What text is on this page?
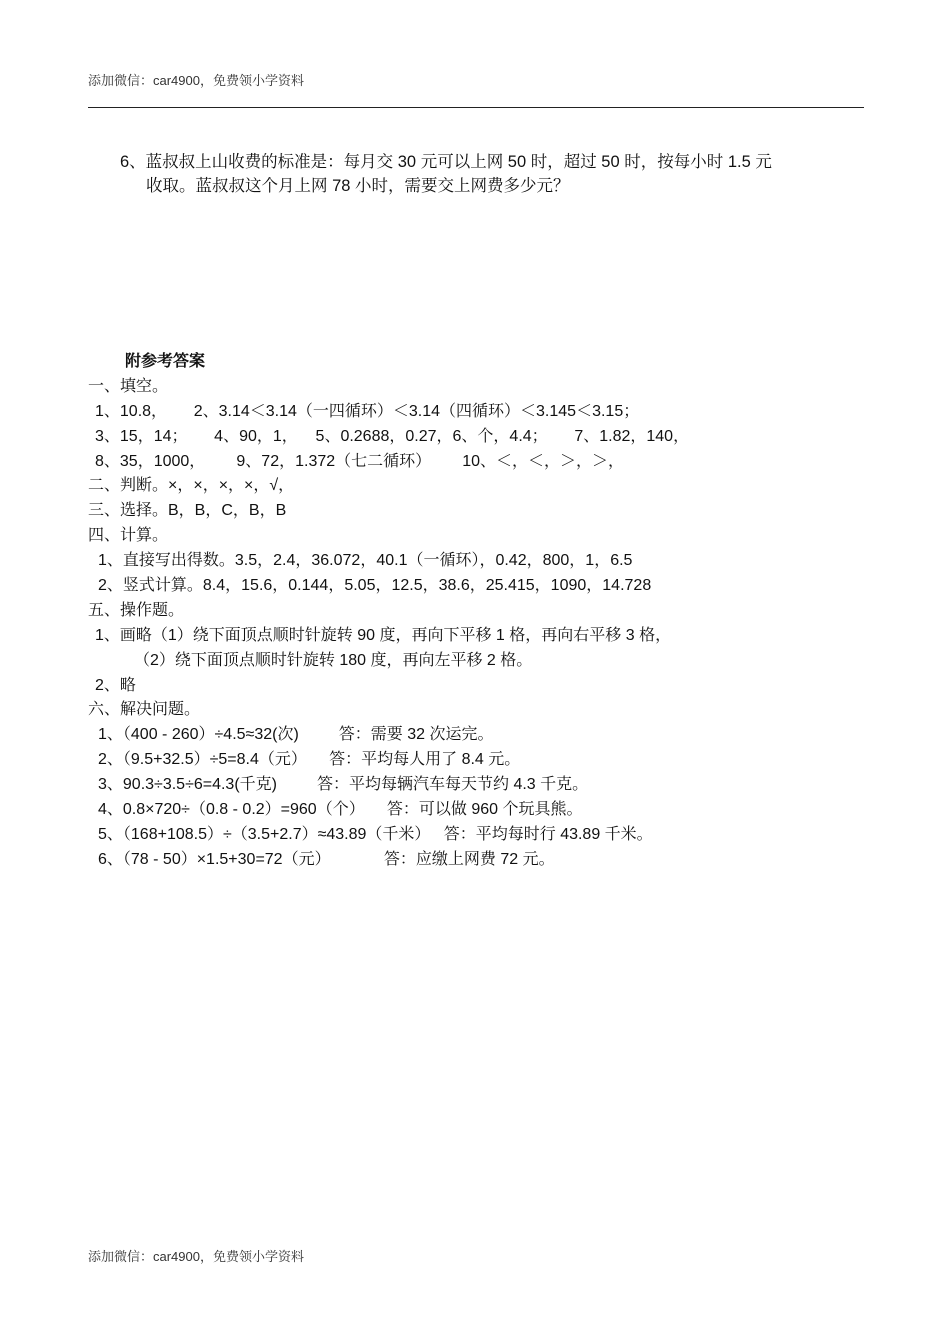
添加微信：car4900，免费领小学资料
6、蓝叔叔上山收费的标准是：每月交 30 元可以上网 50 时，超过 50 时，按每小时 1.5 元
收取。蓝叔叔这个月上网 78 小时，需要交上网费多少元？
附参考答案
一、填空。
1、10.8，      2、3.14＜3.14（一四循环）＜3.14（四循环）＜3.145＜3.15；
3、15，14；      4、90，1，    5、0.2688，0.27，6、个，4.4；      7、1.82，140，
8、35，1000，       9、72，1.372（七二循环）       10、＜，＜，＞，＞，
二、判断。×，×，×，×，√，
三、选择。B，B，C，B，B
四、计算。
1、直接写出得数。3.5，2.4，36.072，40.1（一循环），0.42，800，1，6.5
2、竖式计算。8.4，15.6，0.144，5.05，12.5，38.6，25.415，1090，14.728
五、操作题。
1、画略（1）绕下面顶点顺时针旋转 90 度，再向下平移 1 格，再向右平移 3 格，
（2）绕下面顶点顺时针旋转 180 度，再向左平移 2 格。
2、略
六、解决问题。
1、（400 - 260）÷4.5≈32(次)         答：需要 32 次运完。
2、（9.5+32.5）÷5=8.4（元）     答：平均每人用了 8.4 元。
3、90.3÷3.5÷6=4.3(千克)         答：平均每辆汽车每天节约 4.3 千克。
4、0.8×720÷（0.8 - 0.2）=960（个）     答：可以做 960 个玩具熊。
5、（168+108.5）÷（3.5+2.7）≈43.89（千米）   答：平均每时行 43.89 千米。
6、（78 - 50）×1.5+30=72（元）            答：应缴上网费 72 元。
添加微信：car4900，免费领小学资料
